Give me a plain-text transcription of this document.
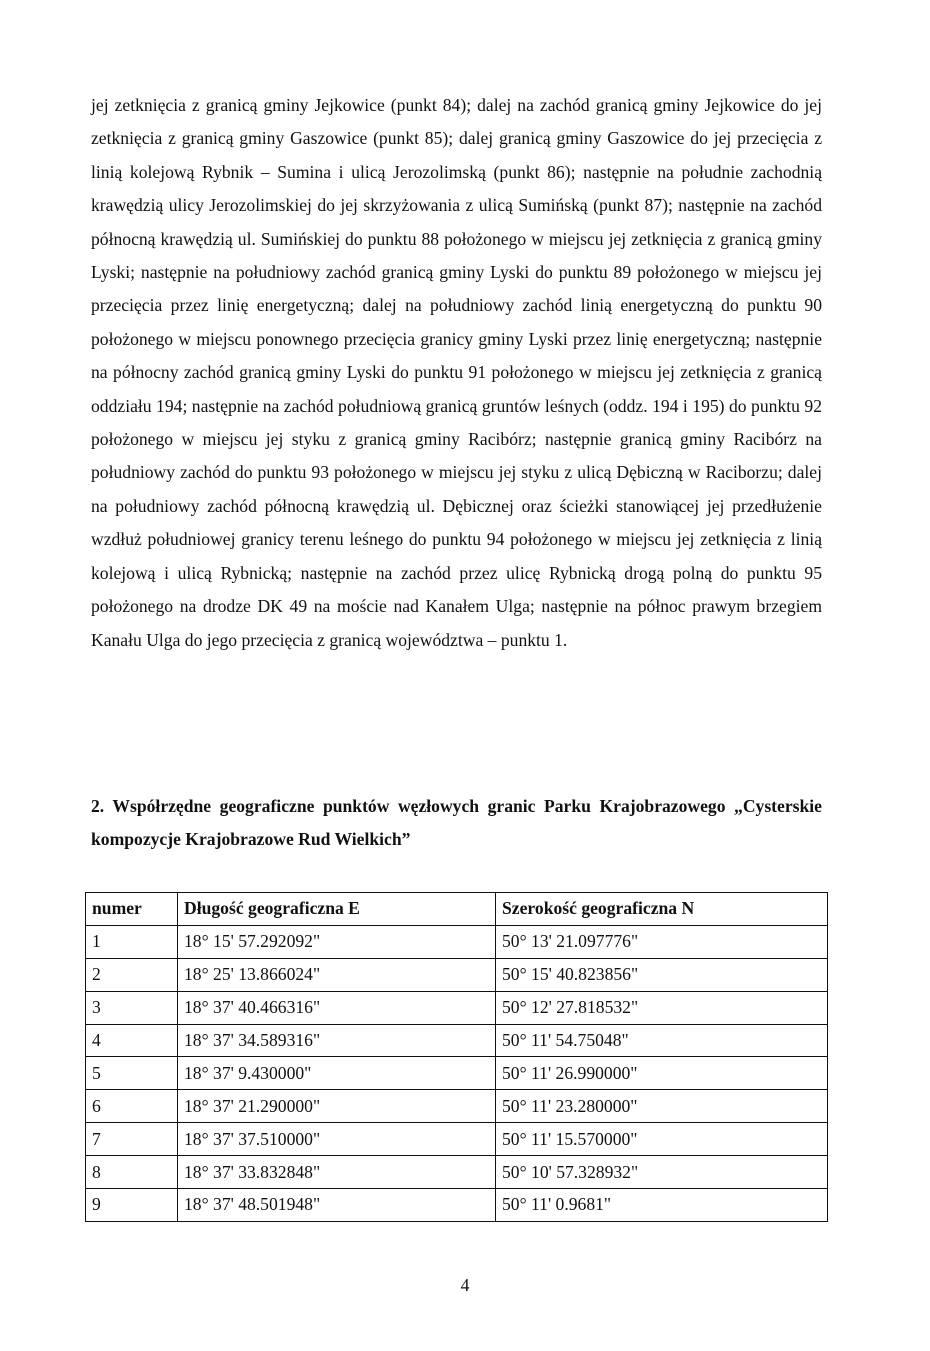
jej zetknięcia z granicą gminy Jejkowice (punkt 84); dalej na zachód granicą gminy Jejkowice do jej zetknięcia z granicą gminy Gaszowice (punkt 85); dalej granicą gminy Gaszowice do jej przecięcia z linią kolejową Rybnik – Sumina i ulicą Jerozolimską (punkt 86); następnie na południe zachodnią krawędzią ulicy Jerozolimskiej do jej skrzyżowania z ulicą Sumińską (punkt 87); następnie na zachód północną krawędzią ul. Sumińskiej do punktu 88 położonego w miejscu jej zetknięcia z granicą gminy Lyski; następnie na południowy zachód granicą gminy Lyski do punktu 89 położonego w miejscu jej przecięcia przez linię energetyczną; dalej na południowy zachód linią energetyczną do punktu 90 położonego w miejscu ponownego przecięcia granicy gminy Lyski przez linię energetyczną; następnie na północny zachód granicą gminy Lyski do punktu 91 położonego w miejscu jej zetknięcia z granicą oddziału 194; następnie na zachód południową granicą gruntów leśnych (oddz. 194 i 195) do punktu 92 położonego w miejscu jej styku z granicą gminy Racibórz; następnie granicą gminy Racibórz na południowy zachód do punktu 93 położonego w miejscu jej styku z ulicą Dębiczną w Raciborzu; dalej na południowy zachód północną krawędzią ul. Dębicznej oraz ścieżki stanowiącej jej przedłużenie wzdłuż południowej granicy terenu leśnego do punktu 94 położonego w miejscu jej zetknięcia z linią kolejową i ulicą Rybnicką; następnie na zachód przez ulicę Rybnicką drogą polną do punktu 95 położonego na drodze DK 49 na moście nad Kanałem Ulga; następnie na północ prawym brzegiem Kanału Ulga do jego przecięcia z granicą województwa – punktu 1.

2. Współrzędne geograficzne punktów węzłowych granic Parku Krajobrazowego „Cysterskie kompozycje Krajobrazowe Rud Wielkich”
numer	Długość geograficzna E	Szerokość geograficzna N
1	18° 15' 57.292092"	50° 13' 21.097776"
2	18° 25' 13.866024"	50° 15' 40.823856"
3	18° 37' 40.466316"	50° 12' 27.818532"
4	18° 37' 34.589316"	50° 11' 54.75048"
5	18° 37' 9.430000"	50° 11' 26.990000"
6	18° 37' 21.290000"	50° 11' 23.280000"
7	18° 37' 37.510000"	50° 11' 15.570000"
8	18° 37' 33.832848"	50° 10' 57.328932"
9	18° 37' 48.501948"	50° 11' 0.9681"
4
